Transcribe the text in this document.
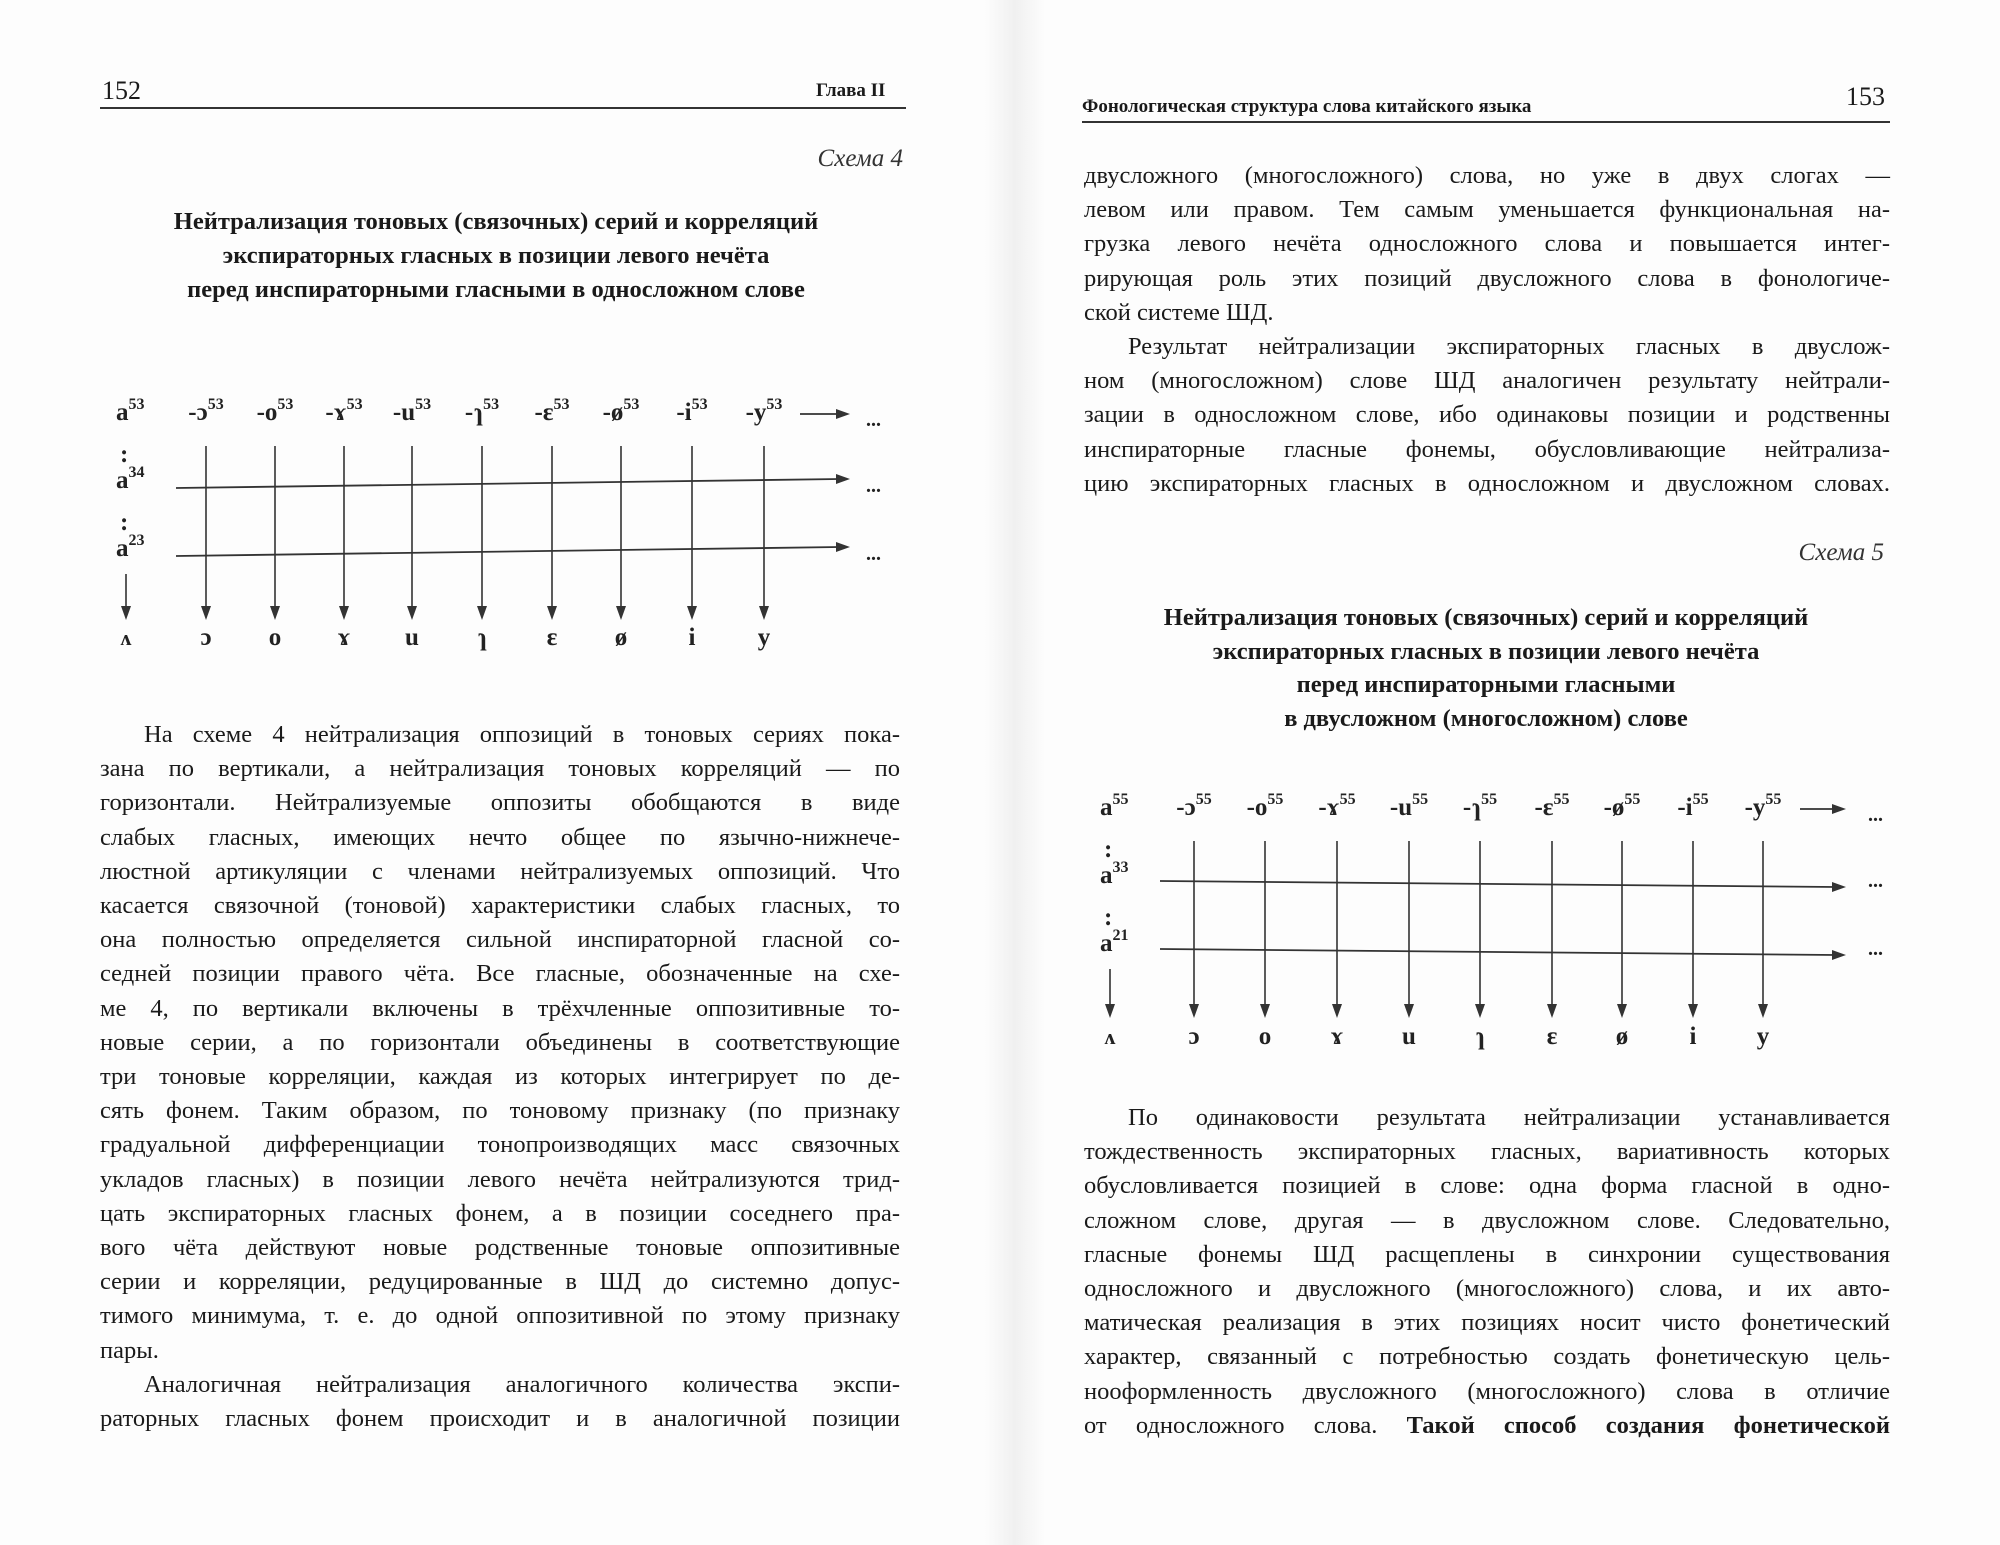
152	Глава II
Схема 4
Нейтрализация тоновых (связочных) серий и корреляций
экспираторных гласных в позиции левого нечёта
перед инспираторными гласными в односложном слове
$a^{53}$
:
...
$a^{34}$
:
...
$a^{23}$
...
ʌ
-ɔ$^{53}$
ɔ
$-o^{53}$
o
-ɤ$^{53}$
ɤ
$-u^{53}$
u
-ɿ$^{53}$
ɿ
-ɛ$^{53}$
ɛ
$-ø^{53}$
ø
$-i^{53}$
i
$-y^{53}$
y
На схеме 4 нейтрализация оппозиций в тоновых сериях пока-
зана по вертикали, а нейтрализация тоновых корреляций — по
горизонтали. Нейтрализуемые оппозиты обобщаются в виде
слабых гласных, имеющих нечто общее по язычно-нижнече-
люстной артикуляции с членами нейтрализуемых оппозиций. Что
касается связочной (тоновой) характеристики слабых гласных, то
она полностью определяется сильной инспираторной гласной со-
седней позиции правого чёта. Все гласные, обозначенные на схе-
ме 4, по вертикали включены в трёхчленные оппозитивные то-
новые серии, а по горизонтали объединены в соответствующие
три тоновые корреляции, каждая из которых интегрирует по де-
сять фонем. Таким образом, по тоновому признаку (по признаку
градуальной дифференциации тонопроизводящих масс связочных
укладов гласных) в позиции левого нечёта нейтрализуются трид-
цать экспираторных гласных фонем, а в позиции соседнего пра-
вого чёта действуют новые родственные тоновые оппозитивные
серии и корреляции, редуцированные в ШД до системно допус-
тимого минимума, т. е. до одной оппозитивной по этому признаку
пары.
Аналогичная нейтрализация аналогичного количества экспи-
раторных гласных фонем происходит и в аналогичной позиции
Фонологическая структура слова китайского языка	153
двусложного (многосложного) слова, но уже в двух слогах —
левом или правом. Тем самым уменьшается функциональная на-
грузка левого нечёта односложного слова и повышается интег-
рирующая роль этих позиций двусложного слова в фонологиче-
ской системе ШД.
Результат нейтрализации экспираторных гласных в двуслож-
ном (многосложном) слове ШД аналогичен результату нейтрали-
зации в односложном слове, ибо одинаковы позиции и родственны
инспираторные гласные фонемы, обусловливающие нейтрализа-
цию экспираторных гласных в односложном и двусложном словах.
Схема 5
Нейтрализация тоновых (связочных) серий и корреляций
экспираторных гласных в позиции левого нечёта
перед инспираторными гласными
в двусложном (многосложном) слове
$a^{55}$
:
...
$a^{33}$
:
...
$a^{21}$
...
ʌ
-ɔ$^{55}$
ɔ
$-o^{55}$
o
-ɤ$^{55}$
ɤ
$-u^{55}$
u
-ɿ$^{55}$
ɿ
-ɛ$^{55}$
ɛ
$-ø^{55}$
ø
$-i^{55}$
i
$-y^{55}$
y
По одинаковости результата нейтрализации устанавливается
тождественность экспираторных гласных, вариативность которых
обусловливается позицией в слове: одна форма гласной в одно-
сложном слове, другая — в двусложном слове. Следовательно,
гласные фонемы ШД расщеплены в синхронии существования
односложного и двусложного (многосложного) слова, и их авто-
матическая реализация в этих позициях носит чисто фонетический
характер, связанный с потребностью создать фонетическую цель-
нооформленность двусложного (многосложного) слова в отличие
от односложного слова. Такой способ создания фонетической
